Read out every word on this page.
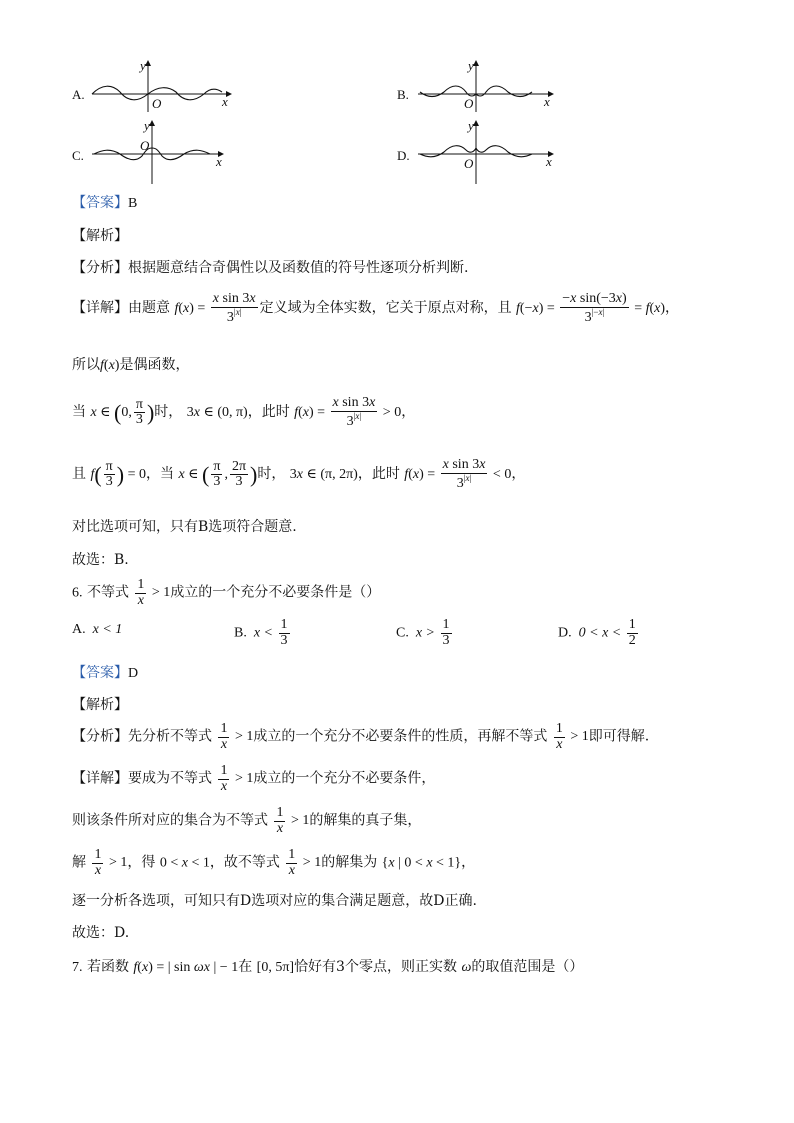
A.
y
x
O
B.
y
x
O
C.
y
x
O
D.
y
x
O
【答案】B
【解析】
【分析】根据题意结合奇偶性以及函数值的符号性逐项分析判断.
【详解】由题意 $f(x) = \frac{\text{x sin 3x}}{3^{|x|}}$ 定义域为全体实数，它关于原点对称，且 $f(-x) = \frac{\text{−x sin(−3x)}}{3^{|-x|}} = f(x)$，
所以f(x)是偶函数，
当 x ∈ (0, $\frac{\pi}{3}$ )时， 3x ∈ (0, π)，此时 $f(x) = \frac{\text{x sin 3x}}{3^{|x|}} > 0$，
且 $f( \frac{\pi}{3}$ ) = 0，当 x ∈ ( $\frac{\pi}{3}$ , $\frac{2\pi}{3}$ )时， 3x ∈ (π, 2π)，此时 $f(x) = \frac{\text{x sin 3x}}{3^{|x|}} < 0$，
对比选项可知，只有B选项符合题意.
故选：B.
6. 不等式 $\frac{1}{x} > 1$成立的一个充分不必要条件是（）
A. x < 1	B. $x < \frac{1}{3}$	C. $x > \frac{1}{3}$	D. $0 < x < \frac{1}{2}$
【答案】D
【解析】
【分析】先分析不等式 $\frac{1}{x} > 1$成立的一个充分不必要条件的性质，再解不等式 $\frac{1}{x} > 1$即可得解.
【详解】要成为不等式 $\frac{1}{x} > 1$成立的一个充分不必要条件，
则该条件所对应的集合为不等式 $\frac{1}{x} > 1$的解集的真子集，
解 $\frac{1}{x} > 1$，得 0 < x < 1，故不等式 $\frac{1}{x} > 1$的解集为 {x | 0 < x < 1}，
逐一分析各选项，可知只有D选项对应的集合满足题意，故D正确.
故选：D.
7. 若函数 f(x) = | sin ωx | − 1在 [0, 5π]恰好有3个零点，则正实数 ω的取值范围是（）
